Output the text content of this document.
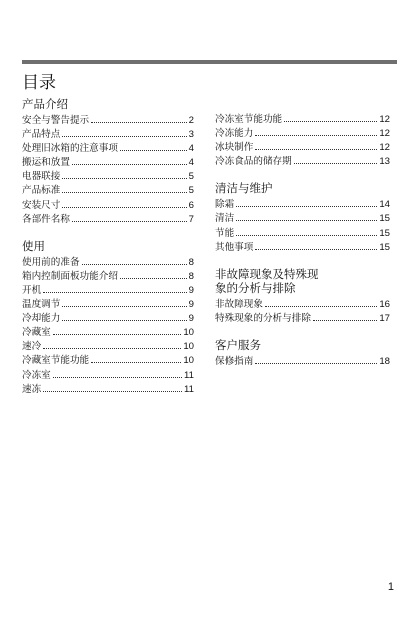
目录
产品介绍
安全与警告提示	2
产品特点	3
处理旧冰箱的注意事项	4
搬运和放置	4
电器联接	5
产品标准	5
安装尺寸	6
各部件名称	7
使用
使用前的准备	8
箱内控制面板功能介绍	8
开机	9
温度调节	9
冷却能力	9
冷藏室	10
速冷	10
冷藏室节能功能	10
冷冻室	11
速冻	11
冷冻室节能功能	12
冷冻能力	12
冰块制作	12
冷冻食品的储存期	13
清洁与维护
除霜	14
清洁	15
节能	15
其他事项	15
非故障现象及特殊现象的分析与排除
非故障现象	16
特殊现象的分析与排除	17
客户服务
保修指南	18
1
